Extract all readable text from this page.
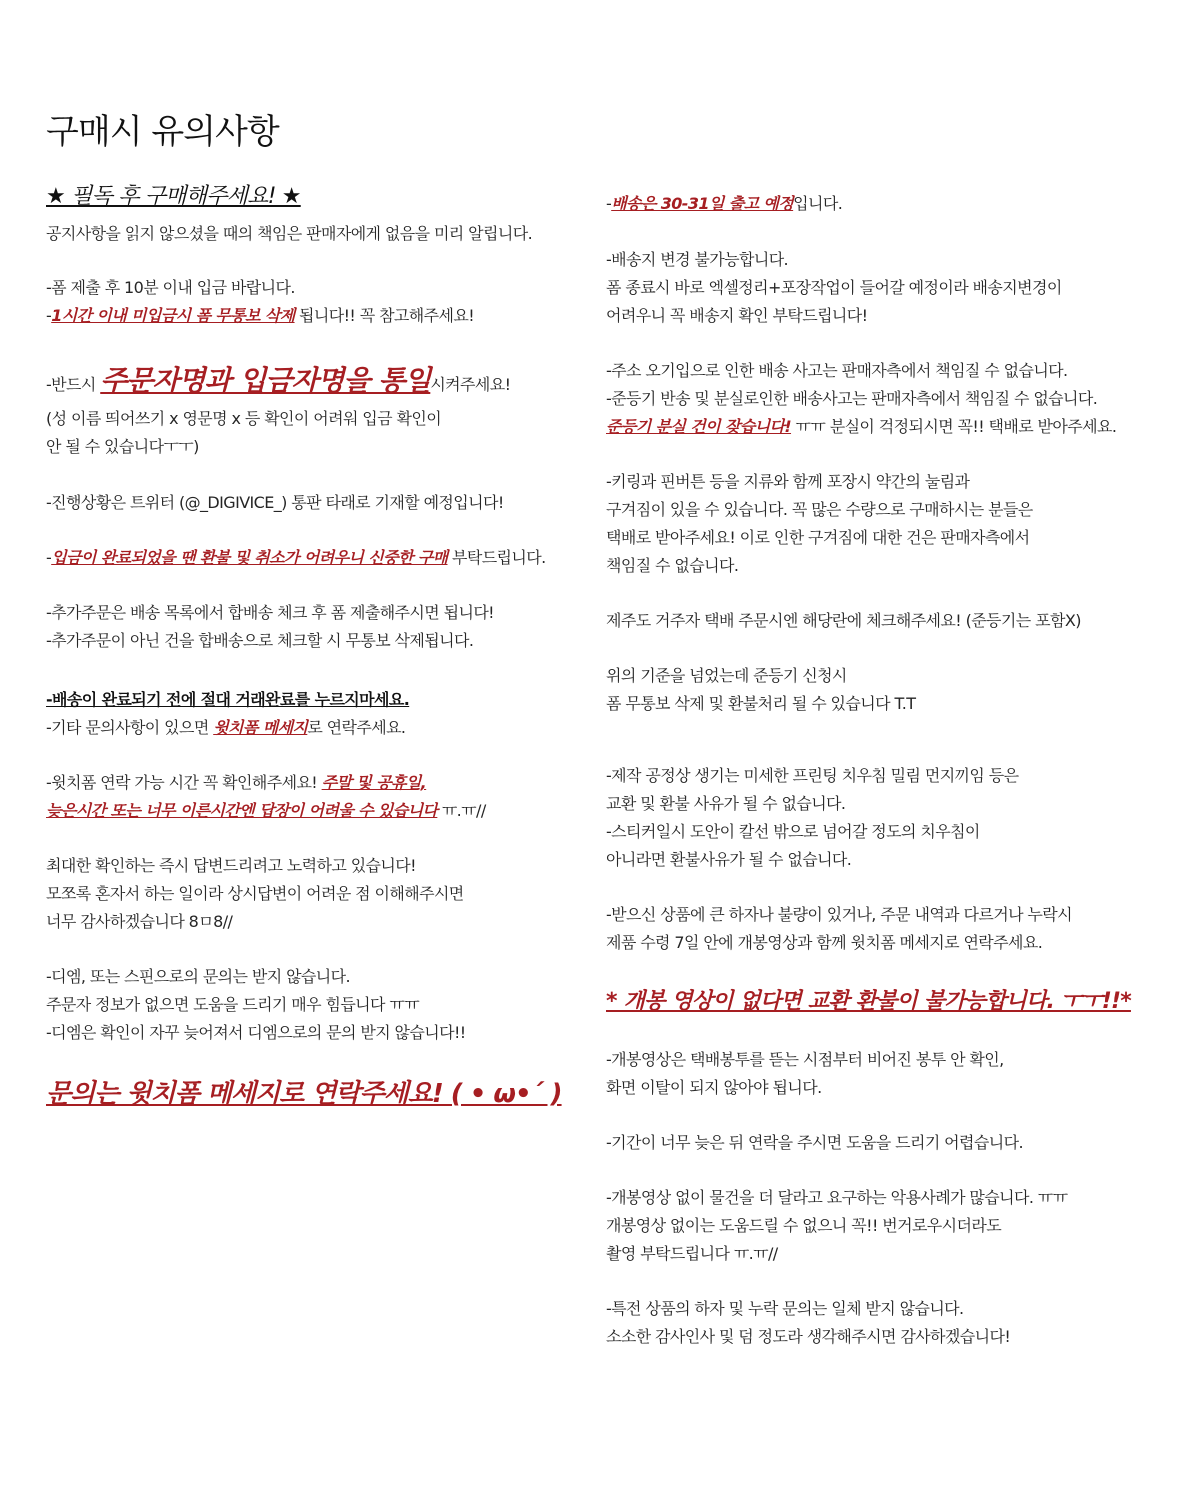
구매시 유의사항
★ 필독 후 구매해주세요! ★
공지사항을 읽지 않으셨을 때의 책임은 판매자에게 없음을 미리 알립니다.
-폼 제출 후 10분 이내 입금 바랍니다.
-1시간 이내 미입금시 폼 무통보 삭제 됩니다!! 꼭 참고해주세요!
-반드시 주문자명과 입금자명을 통일시켜주세요!
(성 이름 띄어쓰기 x 영문명 x 등 확인이 어려워 입금 확인이
안 될 수 있습니다ㅜㅜ)
-진행상황은 트위터 (@_DIGIVICE_) 통판 타래로 기재할 예정입니다!
-입금이 완료되었을 땐 환불 및 취소가 어려우니 신중한 구매 부탁드립니다.
-추가주문은 배송 목록에서 합배송 체크 후 폼 제출해주시면 됩니다!
-추가주문이 아닌 건을 합배송으로 체크할 시 무통보 삭제됩니다.
-배송이 완료되기 전에 절대 거래완료를 누르지마세요.
-기타 문의사항이 있으면 윗치폼 메세지로 연락주세요.
-윗치폼 연락 가능 시간 꼭 확인해주세요! 주말 및 공휴일,
늦은시간 또는 너무 이른시간엔 답장이 어려울 수 있습니다 ㅠ.ㅠ//
최대한 확인하는 즉시 답변드리려고 노력하고 있습니다!
모쪼록 혼자서 하는 일이라 상시답변이 어려운 점 이해해주시면
너무 감사하겠습니다 8ㅁ8//
-디엠, 또는 스핀으로의 문의는 받지 않습니다.
주문자 정보가 없으면 도움을 드리기 매우 힘듭니다 ㅠㅠ
-디엠은 확인이 자꾸 늦어져서 디엠으로의 문의 받지 않습니다!!
문의는 윗치폼 메세지로 연락주세요! ( • ω•´ )
-배송은 30-31일 출고 예정입니다.
-배송지 변경 불가능합니다.
폼 종료시 바로 엑셀정리+포장작업이 들어갈 예정이라 배송지변경이
어려우니 꼭 배송지 확인 부탁드립니다!
-주소 오기입으로 인한 배송 사고는 판매자측에서 책임질 수 없습니다.
-준등기 반송 및 분실로인한 배송사고는 판매자측에서 책임질 수 없습니다.
준등기 분실 건이 잦습니다! ㅠㅠ 분실이 걱정되시면 꼭!! 택배로 받아주세요.
-키링과 핀버튼 등을 지류와 함께 포장시 약간의 눌림과
구겨짐이 있을 수 있습니다. 꼭 많은 수량으로 구매하시는 분들은
택배로 받아주세요! 이로 인한 구겨짐에 대한 건은 판매자측에서
책임질 수 없습니다.
제주도 거주자 택배 주문시엔 해당란에 체크해주세요! (준등기는 포함X)
위의 기준을 넘었는데 준등기 신청시
폼 무통보 삭제 및 환불처리 될 수 있습니다 T.T
-제작 공정상 생기는 미세한 프린팅 치우침 밀림 먼지끼임 등은
교환 및 환불 사유가 될 수 없습니다.
-스티커일시 도안이 칼선 밖으로 넘어갈 정도의 치우침이
아니라면 환불사유가 될 수 없습니다.
-받으신 상품에 큰 하자나 불량이 있거나, 주문 내역과 다르거나 누락시
제품 수령 7일 안에 개봉영상과 함께 윗치폼 메세지로 연락주세요.
* 개봉 영상이 없다면 교환 환불이 불가능합니다. ㅜㅜ!!*
-개봉영상은 택배봉투를 뜯는 시점부터 비어진 봉투 안 확인,
화면 이탈이 되지 않아야 됩니다.
-기간이 너무 늦은 뒤 연락을 주시면 도움을 드리기 어렵습니다.
-개봉영상 없이 물건을 더 달라고 요구하는 악용사례가 많습니다. ㅠㅠ
개봉영상 없이는 도움드릴 수 없으니 꼭!! 번거로우시더라도
촬영 부탁드립니다 ㅠ.ㅠ//
-특전 상품의 하자 및 누락 문의는 일체 받지 않습니다.
소소한 감사인사 및 덤 정도라 생각해주시면 감사하겠습니다!
